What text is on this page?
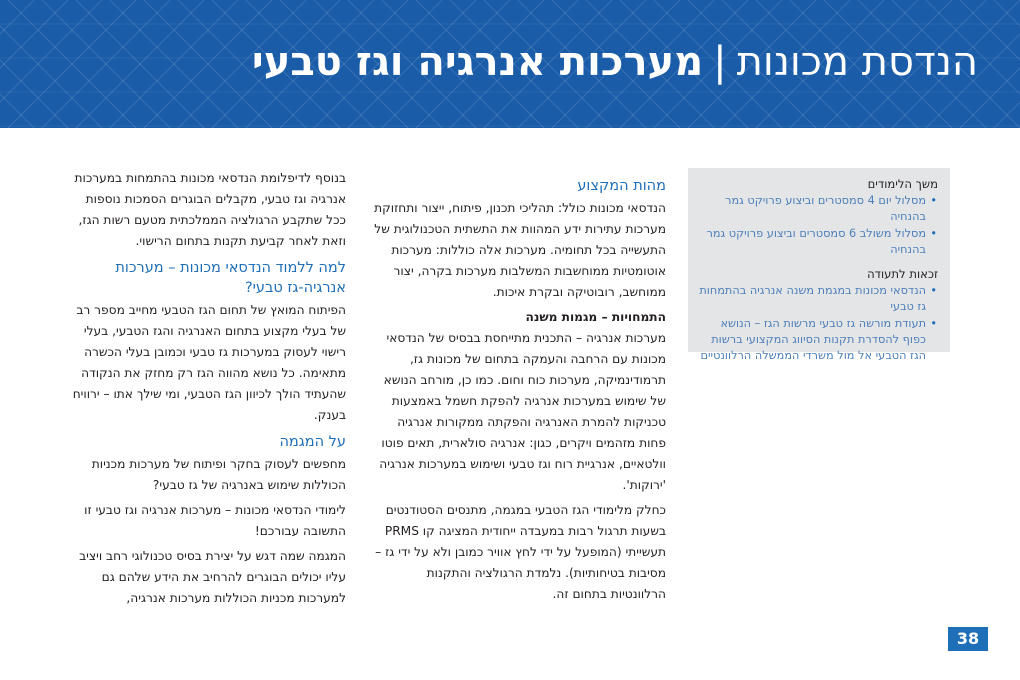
הנדסת מכונות|מערכות אנרגיה וגז טבעי
משך הלימודים
• מסלול יום 4 סמסטרים וביצוע פרויקט גמר בהנחיה
• מסלול משולב 6 סמסטרים וביצוע פרויקט גמר בהנחיה
זכאות לתעודה
• הנדסאי מכונות במגמת משנה אנרגיה בהתמחות גז טבעי
• תעודת מורשה גז טבעי מרשות הגז – הנושא כפוף להסדרת תקנות הסיווג המקצועי ברשות הגז הטבעי אל מול משרדי הממשלה הרלוונטיים
מהות המקצוע

הנדסאי מכונות כולל: תהליכי תכנון, פיתוח, ייצור ותחזוקת מערכות עתירות ידע המהוות את התשתית הטכנולוגית של התעשייה בכל תחומיה. מערכות אלה כוללות: מערכות אוטומטיות ממוחשבות המשלבות מערכות בקרה, יצור ממוחשב, רובוטיקה ובקרת איכות.

התמחויות – מגמות משנה

מערכות אנרגיה – התכנית מתייחסת בבסיס של הנדסאי מכונות עם הרחבה והעמקה בתחום של מכונות גז, תרמודינמיקה, מערכות כוח וחום. כמו כן, מורחב הנושא של שימוש במערכות אנרגיה להפקת חשמל באמצעות טכניקות להמרת האנרגיה והפקתה ממקורות אנרגיה פחות מזהמים ויקרים, כגון: אנרגיה סולארית, תאים פוטו וולטאיים, אנרגיית רוח וגז טבעי ושימוש במערכות אנרגיה 'ירוקות'.

כחלק מלימודי הגז הטבעי במגמה, מתנסים הסטודנטים בשעות תרגול רבות במעבדה ייחודית המציגה קו PRMS תעשייתי (המופעל על ידי לחץ אוויר כמובן ולא על ידי גז – מסיבות בטיחותיות). נלמדת הרגולציה והתקנות הרלוונטיות בתחום זה.

בנוסף לדיפלומת הנדסאי מכונות בהתמחות במערכות אנרגיה וגז טבעי, מקבלים הבוגרים הסמכות נוספות ככל שתקבע הרגולציה הממלכתית מטעם רשות הגז, וזאת לאחר קביעת תקנות בתחום הרישוי.

למה ללמוד הנדסאי מכונות – מערכות אנרגיה-גז טבעי?

הפיתוח המואץ של תחום הגז הטבעי מחייב מספר רב של בעלי מקצוע בתחום האנרגיה והגז הטבעי, בעלי רישוי לעסוק במערכות גז טבעי וכמובן בעלי הכשרה מתאימה. כל נושא מהווה הגז רק מחזק את הנקודה שהעתיד הולך לכיוון הגז הטבעי, ומי שילך אתו – ירוויח בענק.

על המגמה

מחפשים לעסוק בחקר ופיתוח של מערכות מכניות הכוללות שימוש באנרגיה של גז טבעי?

לימודי הנדסאי מכונות – מערכות אנרגיה וגז טבעי זו התשובה עבורכם!

המגמה שמה דגש על יצירת בסיס טכנולוגי רחב ויציב עליו יכולים הבוגרים להרחיב את הידע שלהם גם למערכות מכניות הכוללות מערכות אנרגיה,

38
